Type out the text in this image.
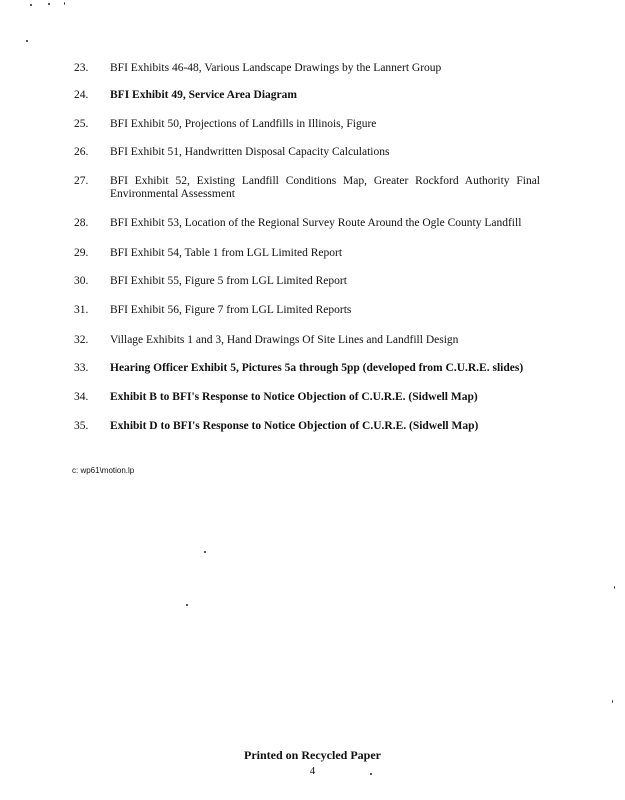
23.	BFI Exhibits 46-48, Various Landscape Drawings by the Lannert Group
24.	BFI Exhibit 49, Service Area Diagram
25.	BFI Exhibit 50, Projections of Landfills in Illinois, Figure
26.	BFI Exhibit 51, Handwritten Disposal Capacity Calculations
27.	BFI Exhibit 52, Existing Landfill Conditions Map, Greater Rockford Authority Final Environmental Assessment
28.	BFI Exhibit 53, Location of the Regional Survey Route Around the Ogle County Landfill
29.	BFI Exhibit 54, Table 1 from LGL Limited Report
30.	BFI Exhibit 55, Figure 5 from LGL Limited Report
31.	BFI Exhibit 56, Figure 7 from LGL Limited Reports
32.	Village Exhibits 1 and 3, Hand Drawings Of Site Lines and Landfill Design
33.	Hearing Officer Exhibit 5, Pictures 5a through 5pp (developed from C.U.R.E. slides)
34.	Exhibit B to BFI's Response to Notice Objection of C.U.R.E. (Sidwell Map)
35.	Exhibit D to BFI's Response to Notice Objection of C.U.R.E. (Sidwell Map)
c: wp61\motion.lp
Printed on Recycled Paper
4
